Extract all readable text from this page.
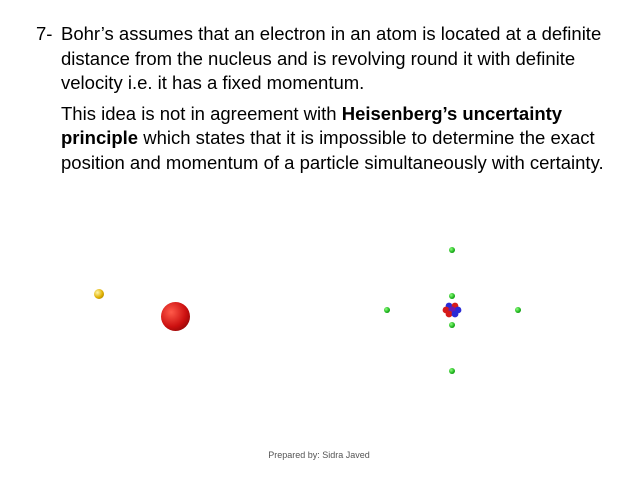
7- Bohr’s assumes that an electron in an atom is located at a definite distance from the nucleus and is revolving round it with definite velocity i.e. it has a fixed momentum.
This idea is not in agreement with Heisenberg’s uncertainty principle which states that it is impossible to determine the exact position and momentum of a particle simultaneously with certainty.
Prepared by: Sidra Javed
